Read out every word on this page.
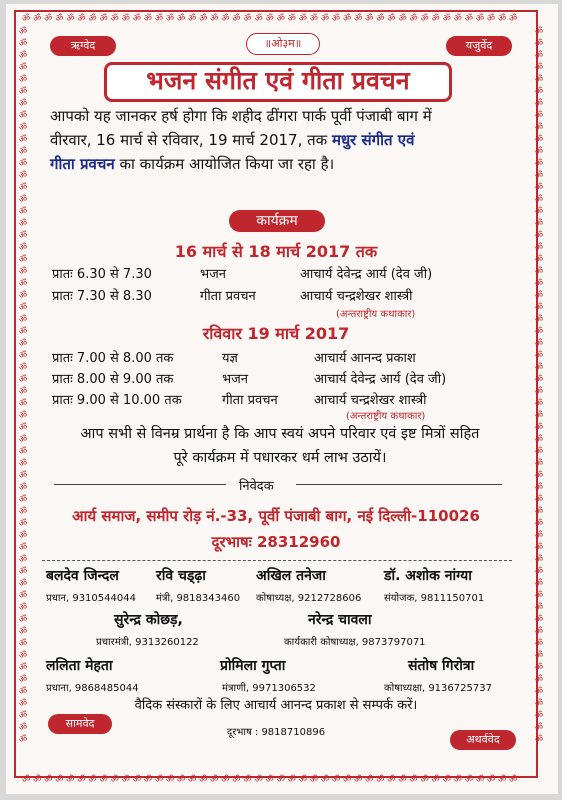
ॐ ॐ ॐ ॐ ॐ ॐ ॐ ॐ ॐ ॐ ॐ ॐ ॐ ॐ ॐ ॐ ॐ ॐ ॐ ॐ ॐ ॐ ॐ ॐ ॐ ॐ ॐ ॐ ॐ ॐ ॐ ॐ ॐ ॐ ॐ ॐ ॐ ॐ ॐ ॐ ॐ ॐ ॐ ॐ ॐ
ॐ ॐ ॐ ॐ ॐ ॐ ॐ ॐ ॐ ॐ ॐ ॐ ॐ ॐ ॐ ॐ ॐ ॐ ॐ ॐ ॐ ॐ ॐ ॐ ॐ ॐ ॐ ॐ ॐ ॐ ॐ ॐ ॐ ॐ ॐ ॐ ॐ ॐ ॐ ॐ ॐ ॐ ॐ ॐ ॐ
ॐॐॐॐॐॐॐॐॐॐॐॐॐॐॐॐॐॐॐॐॐॐॐॐॐॐॐॐॐॐॐॐॐॐॐॐॐॐॐॐॐॐॐॐॐॐॐॐॐॐॐॐॐॐॐॐॐॐॐॐ
ॐॐॐॐॐॐॐॐॐॐॐॐॐॐॐॐॐॐॐॐॐॐॐॐॐॐॐॐॐॐॐॐॐॐॐॐॐॐॐॐॐॐॐॐॐॐॐॐॐॐॐॐॐॐॐॐॐॐॐॐ
ऋग्वेद	॥ओ३म॥	यजुर्वेद
भजन संगीत एवं गीता प्रवचन
आपको यह जानकर हर्ष होगा कि शहीद ढींगरा पार्क पूर्वी पंजाबी बाग में
वीरवार, 16 मार्च से रविवार, 19 मार्च 2017, तक मधुर संगीत एवं
गीता प्रवचन का कार्यक्रम आयोजित किया जा रहा है।
कार्यक्रम
16 मार्च से 18 मार्च 2017 तक
प्रातः 6.30 से 7.30	भजन	आचार्य देवेन्द्र आर्य (देव जी)
प्रातः 7.30 से 8.30	गीता प्रवचन	आचार्य चन्द्रशेखर शास्त्री
(अन्तराष्ट्रीय कथाकार)
रविवार 19 मार्च 2017
प्रातः 7.00 से 8.00 तक	यज्ञ	आचार्य आनन्द प्रकाश
प्रातः 8.00 से 9.00 तक	भजन	आचार्य देवेन्द्र आर्य (देव जी)
प्रातः 9.00 से 10.00 तक	गीता प्रवचन	आचार्य चन्द्रशेखर शास्त्री
(अन्तराष्ट्रीय कथाकार)
आप सभी से विनम्र प्रार्थना है कि आप स्वयं अपने परिवार एवं इष्ट मित्रों सहित
पूरे कार्यक्रम में पधारकर धर्म लाभ उठायें।
निवेदक
आर्य समाज, समीप रोड़ नं.-33, पूर्वी पंजाबी बाग, नई दिल्ली-110026
दूरभाषः 28312960
बलदेव जिन्दल
प्रधान, 9310544044
रवि चड्ढ़ा
मंत्री, 9818343460
अखिल तनेजा
कोषाध्यक्ष, 9212728606
डॉ. अशोक नांग्या
संयोजक, 9811150701
सुरेन्द्र कोछड़,
प्रचारमंत्री, 9313260122
नरेन्द्र चावला
कार्यकारी कोषाध्यक्ष, 9873797071
ललिता मेहता
प्रधाना, 9868485044
प्रोमिला गुप्ता
मंत्राणी, 9971306532
संतोष गिरोत्रा
कोषाध्यक्षा, 9136725737
वैदिक संस्कारों के लिए आचार्य आनन्द प्रकाश से सम्पर्क करें।
दूरभाष : 9818710896
सामवेद
अथर्ववेद
